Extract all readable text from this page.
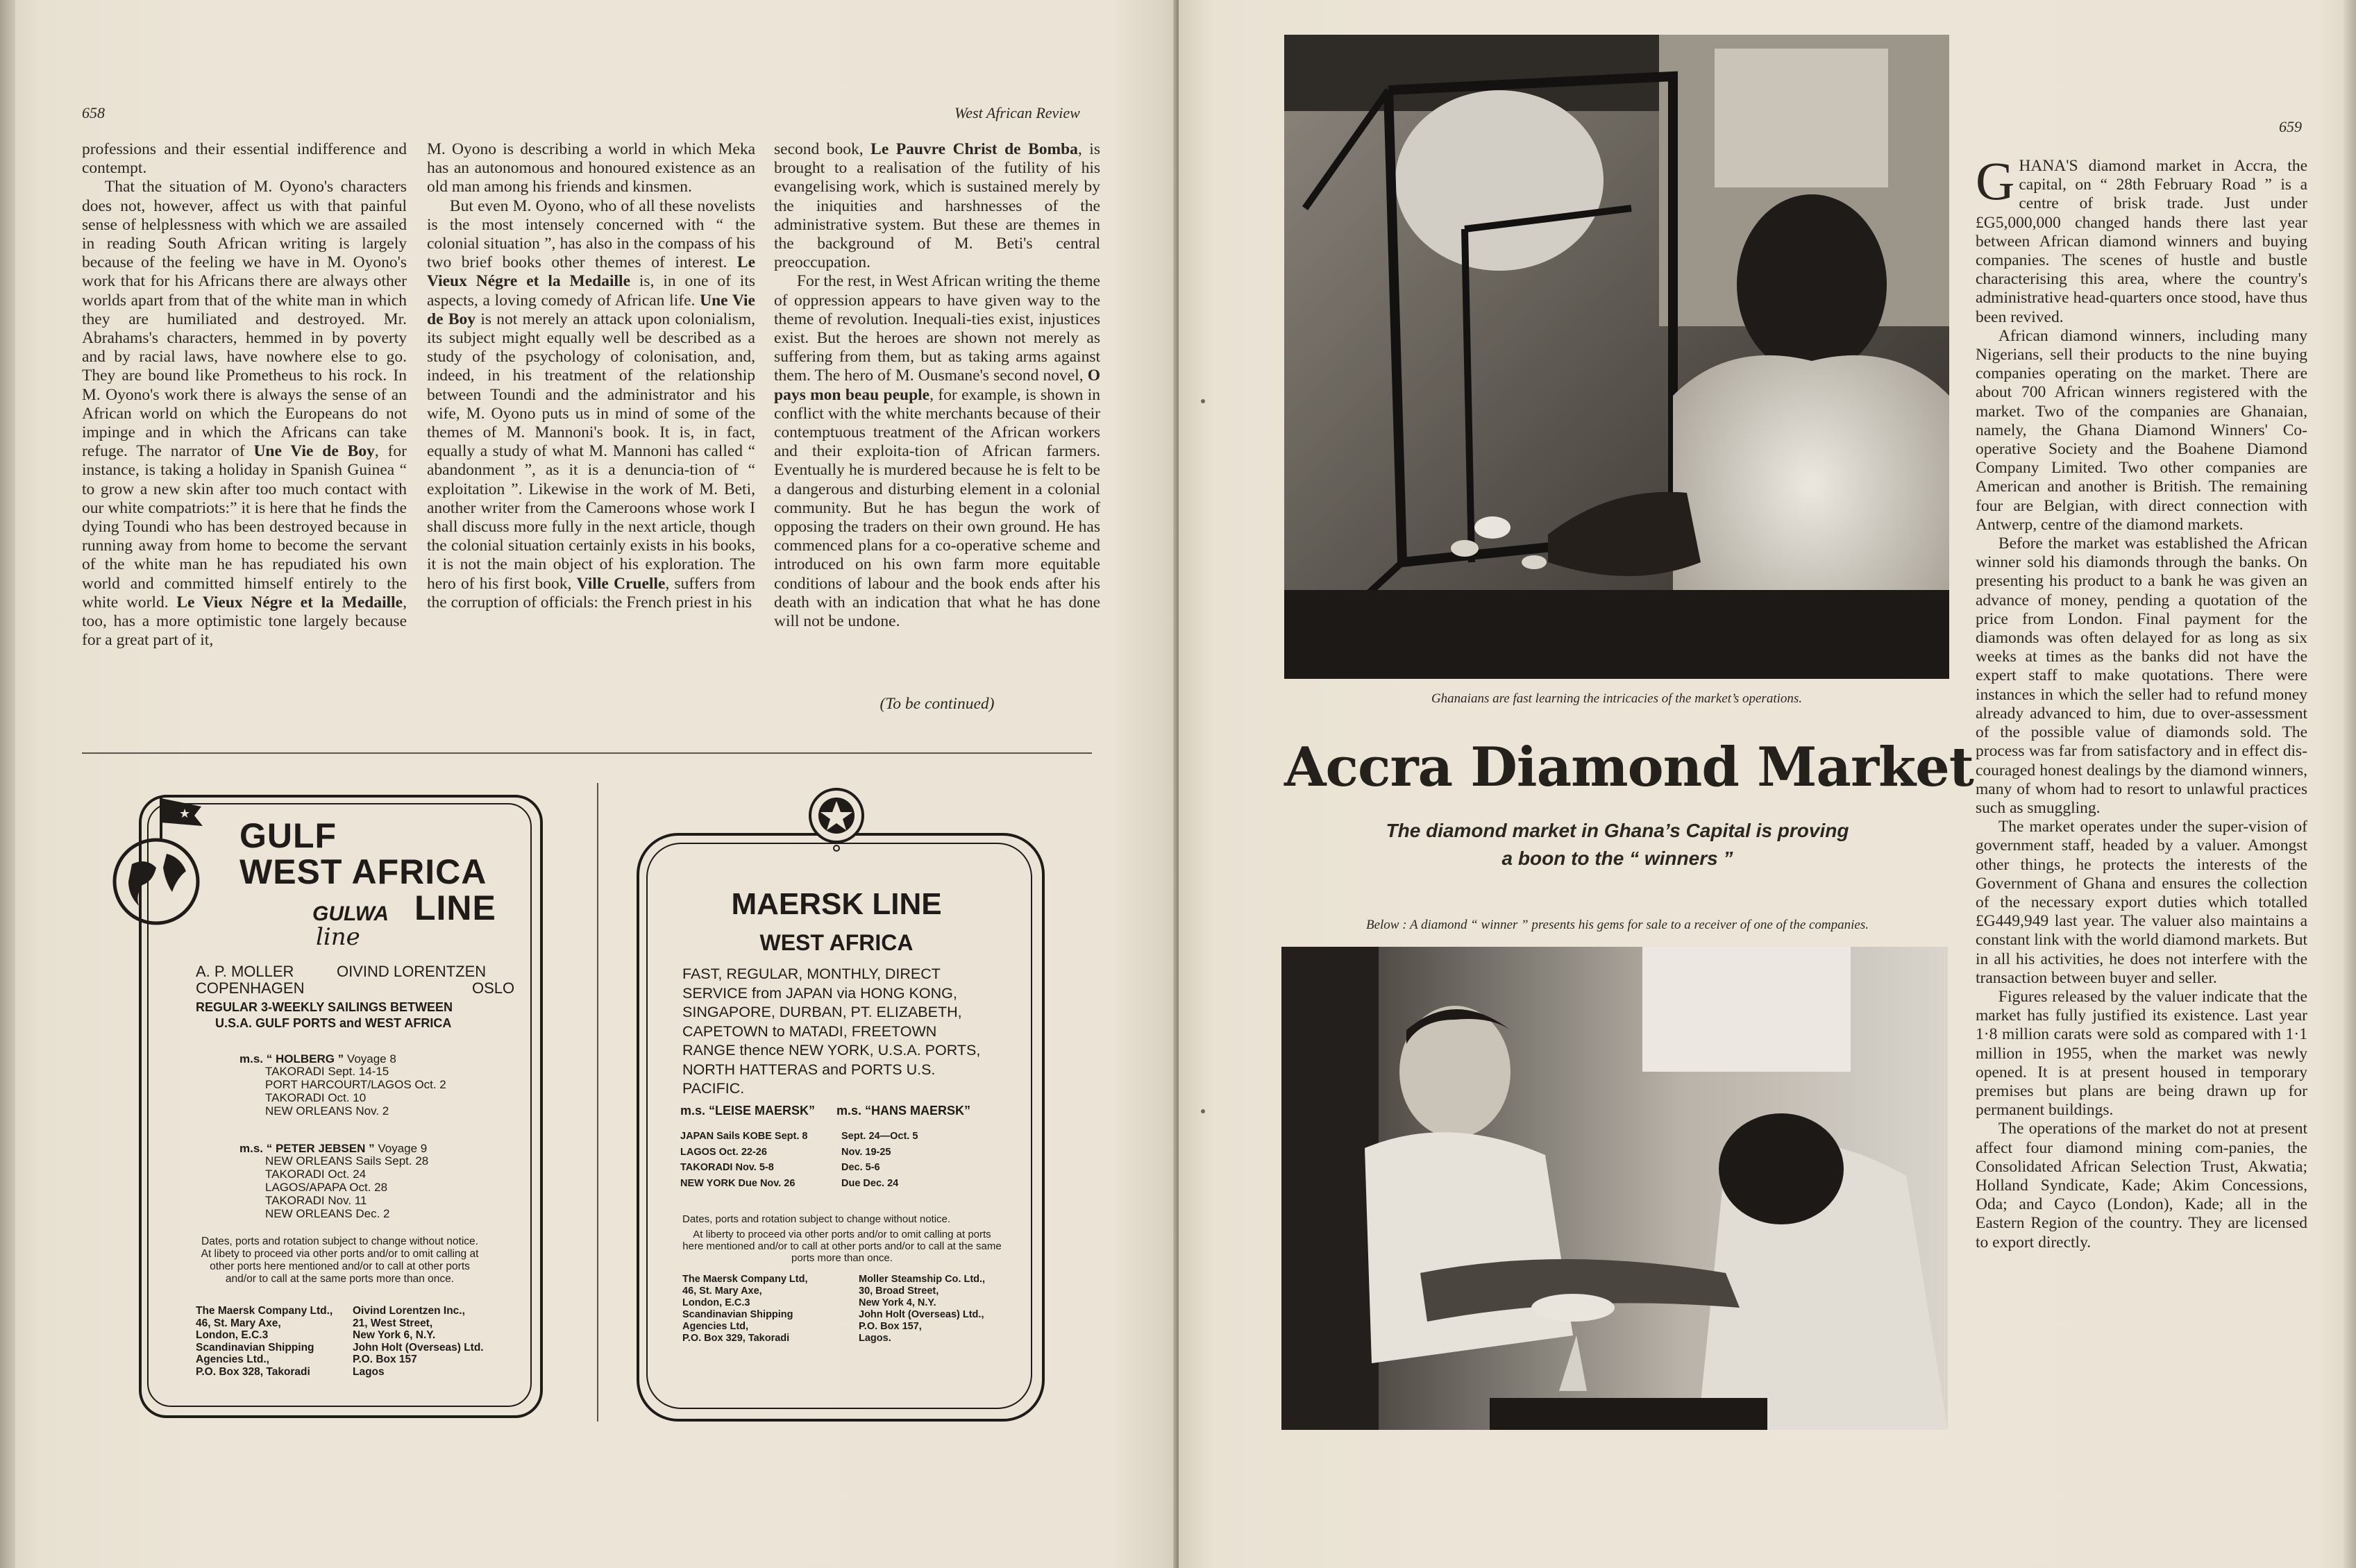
658	West African Review

professions and their essential indifference and contempt.

That the situation of M. Oyono's characters does not, however, affect us with that painful sense of helplessness with which we are assailed in reading South African writing is largely because of the feeling we have in M. Oyono's work that for his Africans there are always other worlds apart from that of the white man in which they are humiliated and destroyed. Mr. Abrahams's characters, hemmed in by poverty and by racial laws, have nowhere else to go. They are bound like Prometheus to his rock. In M. Oyono's work there is always the sense of an African world on which the Europeans do not impinge and in which the Africans can take refuge. The narrator of Une Vie de Boy, for instance, is taking a holiday in Spanish Guinea “ to grow a new skin after too much contact with our white compatriots:” it is here that he finds the dying Toundi who has been destroyed because in running away from home to become the servant of the white man he has repudiated his own world and committed himself entirely to the white world. Le Vieux Négre et la Medaille, too, has a more optimistic tone largely because for a great part of it,

M. Oyono is describing a world in which Meka has an autonomous and honoured existence as an old man among his friends and kinsmen.

But even M. Oyono, who of all these novelists is the most intensely concerned with “ the colonial situation ”, has also in the compass of his two brief books other themes of interest. Le Vieux Négre et la Medaille is, in one of its aspects, a loving comedy of African life. Une Vie de Boy is not merely an attack upon colonialism, its subject might equally well be described as a study of the psychology of colonisation, and, indeed, in his treatment of the relationship between Toundi and the administrator and his wife, M. Oyono puts us in mind of some of the themes of M. Mannoni's book. It is, in fact, equally a study of what M. Mannoni has called “ abandonment ”, as it is a denuncia-tion of “ exploitation ”. Likewise in the work of M. Beti, another writer from the Cameroons whose work I shall discuss more fully in the next article, though the colonial situation certainly exists in his books, it is not the main object of his exploration. The hero of his first book, Ville Cruelle, suffers from the corruption of officials: the French priest in his

second book, Le Pauvre Christ de Bomba, is brought to a realisation of the futility of his evangelising work, which is sustained merely by the iniquities and harshnesses of the administrative system. But these are themes in the background of M. Beti's central preoccupation.

For the rest, in West African writing the theme of oppression appears to have given way to the theme of revolution. Inequali-ties exist, injustices exist. But the heroes are shown not merely as suffering from them, but as taking arms against them. The hero of M. Ousmane's second novel, O pays mon beau peuple, for example, is shown in conflict with the white merchants because of their contemptuous treatment of the African workers and their exploita-tion of African farmers. Eventually he is murdered because he is felt to be a dangerous and disturbing element in a colonial community. But he has begun the work of opposing the traders on their own ground. He has commenced plans for a co-operative scheme and introduced on his own farm more equitable conditions of labour and the book ends after his death with an indication that what he has done will not be undone.

(To be continued)
★
GULF
WEST AFRICA
LINE
GULWA
line
A. P. MOLLER
COPENHAGEN
OIVIND LORENTZEN
OSLO
REGULAR 3-WEEKLY SAILINGS BETWEEN
U.S.A. GULF PORTS and WEST AFRICA
m.s. “ HOLBERG ” Voyage 8
TAKORADI Sept. 14-15
PORT HARCOURT/LAGOS Oct. 2
TAKORADI Oct. 10
NEW ORLEANS Nov. 2
m.s. “ PETER JEBSEN ” Voyage 9
NEW ORLEANS Sails Sept. 28
TAKORADI Oct. 24
LAGOS/APAPA Oct. 28
TAKORADI Nov. 11
NEW ORLEANS Dec. 2
Dates, ports and rotation subject to change without notice. At libety to proceed via other ports and/or to omit calling at other ports here mentioned and/or to call at other ports and/or to call at the same ports more than once.
The Maersk Company Ltd.,
46, St. Mary Axe,
London, E.C.3
Scandinavian Shipping
Agencies Ltd.,
P.O. Box 328, Takoradi
Oivind Lorentzen Inc.,
21, West Street,
New York 6, N.Y.
John Holt (Overseas) Ltd.
P.O. Box 157
Lagos
MAERSK LINE
WEST AFRICA
FAST, REGULAR, MONTHLY, DIRECT
SERVICE from JAPAN via HONG KONG,
SINGAPORE, DURBAN, PT. ELIZABETH,
CAPETOWN to MATADI, FREETOWN
RANGE thence NEW YORK, U.S.A. PORTS,
NORTH HATTERAS and PORTS U.S. PACIFIC.
m.s. “LEISE MAERSK” m.s. “HANS MAERSK”
JAPAN Sails KOBE Sept. 8
LAGOS Oct. 22-26
TAKORADI Nov. 5-8
NEW YORK Due Nov. 26
Sept. 24—Oct. 5
Nov. 19-25
Dec. 5-6
Due Dec. 24
Dates, ports and rotation subject to change without notice.
At liberty to proceed via other ports and/or to omit calling at ports here mentioned and/or to call at other ports and/or to call at the same ports more than once.
The Maersk Company Ltd,
46, St. Mary Axe,
London, E.C.3
Scandinavian Shipping
Agencies Ltd,
P.O. Box 329, Takoradi
Moller Steamship Co. Ltd.,
30, Broad Street,
New York 4, N.Y.
John Holt (Overseas) Ltd.,
P.O. Box 157,
Lagos.
Ghanaians are fast learning the intricacies of the market’s operations.
Accra Diamond Market
The diamond market in Ghana’s Capital is proving
a boon to the “ winners ”
Below : A diamond “ winner ” presents his gems for sale to a receiver of one of the companies.
659

GHANA'S diamond market in Accra, the capital, on “ 28th February Road ” is a centre of brisk trade. Just under £G5,000,000 changed hands there last year between African diamond winners and buying companies. The scenes of hustle and bustle characterising this area, where the country's administrative head-quarters once stood, have thus been revived.

African diamond winners, including many Nigerians, sell their products to the nine buying companies operating on the market. There are about 700 African winners registered with the market. Two of the companies are Ghanaian, namely, the Ghana Diamond Winners' Co-operative Society and the Boahene Diamond Company Limited. Two other companies are American and another is British. The remaining four are Belgian, with direct connection with Antwerp, centre of the diamond markets.

Before the market was established the African winner sold his diamonds through the banks. On presenting his product to a bank he was given an advance of money, pending a quotation of the price from London. Final payment for the diamonds was often delayed for as long as six weeks at times as the banks did not have the expert staff to make quotations. There were instances in which the seller had to refund money already advanced to him, due to over-assessment of the possible value of diamonds sold. The process was far from satisfactory and in effect dis-couraged honest dealings by the diamond winners, many of whom had to resort to unlawful practices such as smuggling.

The market operates under the super-vision of government staff, headed by a valuer. Amongst other things, he protects the interests of the Government of Ghana and ensures the collection of the necessary export duties which totalled £G449,949 last year. The valuer also maintains a constant link with the world diamond markets. But in all his activities, he does not interfere with the transaction between buyer and seller.

Figures released by the valuer indicate that the market has fully justified its existence. Last year 1·8 million carats were sold as compared with 1·1 million in 1955, when the market was newly opened. It is at present housed in temporary premises but plans are being drawn up for permanent buildings.

The operations of the market do not at present affect four diamond mining com-panies, the Consolidated African Selection Trust, Akwatia; Holland Syndicate, Kade; Akim Concessions, Oda; and Cayco (London), Kade; all in the Eastern Region of the country. They are licensed to export directly.
